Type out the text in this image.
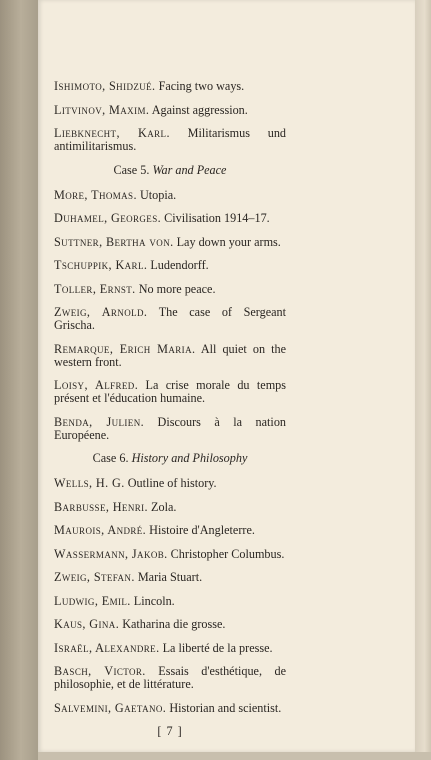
Ishimoto, Shidzué. Facing two ways.
Litvinov, Maxim. Against aggression.
Liebknecht, Karl. Militarismus und antimilitarismus.
Case 5. War and Peace
More, Thomas. Utopia.
Duhamel, Georges. Civilisation 1914–17.
Suttner, Bertha von. Lay down your arms.
Tschuppik, Karl. Ludendorff.
Toller, Ernst. No more peace.
Zweig, Arnold. The case of Sergeant Grischa.
Remarque, Erich Maria. All quiet on the western front.
Loisy, Alfred. La crise morale du temps présent et l'éducation humaine.
Benda, Julien. Discours à la nation Européene.
Case 6. History and Philosophy
Wells, H. G. Outline of history.
Barbusse, Henri. Zola.
Maurois, André. Histoire d'Angleterre.
Wassermann, Jakob. Christopher Columbus.
Zweig, Stefan. Maria Stuart.
Ludwig, Emil. Lincoln.
Kaus, Gina. Katharina die grosse.
Israël, Alexandre. La liberté de la presse.
Basch, Victor. Essais d'esthétique, de philosophie, et de littérature.
Salvemini, Gaetano. Historian and scientist.
[ 7 ]
